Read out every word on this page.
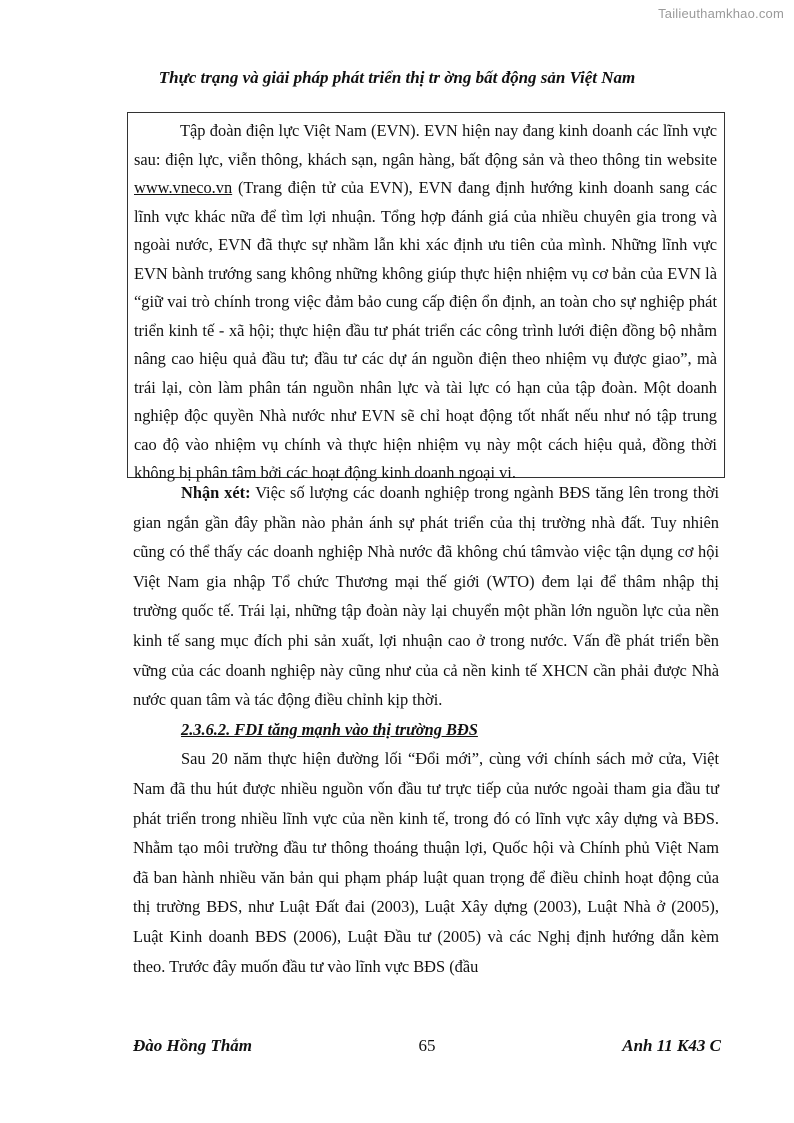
Tailieuthamkhao.com
Thực trạng và giải pháp phát triển thị tr ờng bất động sản Việt Nam

Tập đoàn điện lực Việt Nam (EVN). EVN hiện nay đang kinh doanh các lĩnh vực sau: điện lực, viễn thông, khách sạn, ngân hàng, bất động sản và theo thông tin website www.vneco.vn (Trang điện tử của EVN), EVN đang định hướng kinh doanh sang các lĩnh vực khác nữa để tìm lợi nhuận. Tổng hợp đánh giá của nhiều chuyên gia trong và ngoài nước, EVN đã thực sự nhầm lẫn khi xác định ưu tiên của mình. Những lĩnh vực EVN bành trướng sang không những không giúp thực hiện nhiệm vụ cơ bản của EVN là “giữ vai trò chính trong việc đảm bảo cung cấp điện ổn định, an toàn cho sự nghiệp phát triển kinh tế - xã hội; thực hiện đầu tư phát triển các công trình lưới điện đồng bộ nhằm nâng cao hiệu quả đầu tư; đầu tư các dự án nguồn điện theo nhiệm vụ được giao”, mà trái lại, còn làm phân tán nguồn nhân lực và tài lực có hạn của tập đoàn. Một doanh nghiệp độc quyền Nhà nước như EVN sẽ chỉ hoạt động tốt nhất nếu như nó tập trung cao độ vào nhiệm vụ chính và thực hiện nhiệm vụ này một cách hiệu quả, đồng thời không bị phân tâm bởi các hoạt động kinh doanh ngoại vi.

Nhận xét: Việc số lượng các doanh nghiệp trong ngành BĐS tăng lên trong thời gian ngắn gần đây phần nào phản ánh sự phát triển của thị trường nhà đất. Tuy nhiên cũng có thể thấy các doanh nghiệp Nhà nước đã không chú tâmvào việc tận dụng cơ hội Việt Nam gia nhập Tổ chức Thương mại thế giới (WTO) đem lại để thâm nhập thị trường quốc tế. Trái lại, những tập đoàn này lại chuyển một phần lớn nguồn lực của nền kinh tế sang mục đích phi sản xuất, lợi nhuận cao ở trong nước. Vấn đề phát triển bền vững của các doanh nghiệp này cũng như của cả nền kinh tế XHCN cần phải được Nhà nước quan tâm và tác động điều chỉnh kịp thời.

2.3.6.2. FDI tăng mạnh vào thị trường BĐS

Sau 20 năm thực hiện đường lối “Đổi mới”, cùng với chính sách mở cửa, Việt Nam đã thu hút được nhiều nguồn vốn đầu tư trực tiếp của nước ngoài tham gia đầu tư phát triển trong nhiều lĩnh vực của nền kinh tế, trong đó có lĩnh vực xây dựng và BĐS. Nhằm tạo môi trường đầu tư thông thoáng thuận lợi, Quốc hội và Chính phủ Việt Nam đã ban hành nhiều văn bản qui phạm pháp luật quan trọng để điều chỉnh hoạt động của thị trường BĐS, như Luật Đất đai (2003), Luật Xây dựng (2003), Luật Nhà ở (2005), Luật Kinh doanh BĐS (2006), Luật Đầu tư (2005) và các Nghị định hướng dẫn kèm theo. Trước đây muốn đầu tư vào lĩnh vực BĐS (đầu

Đào Hồng Thắm	65	Anh 11 K43 C
